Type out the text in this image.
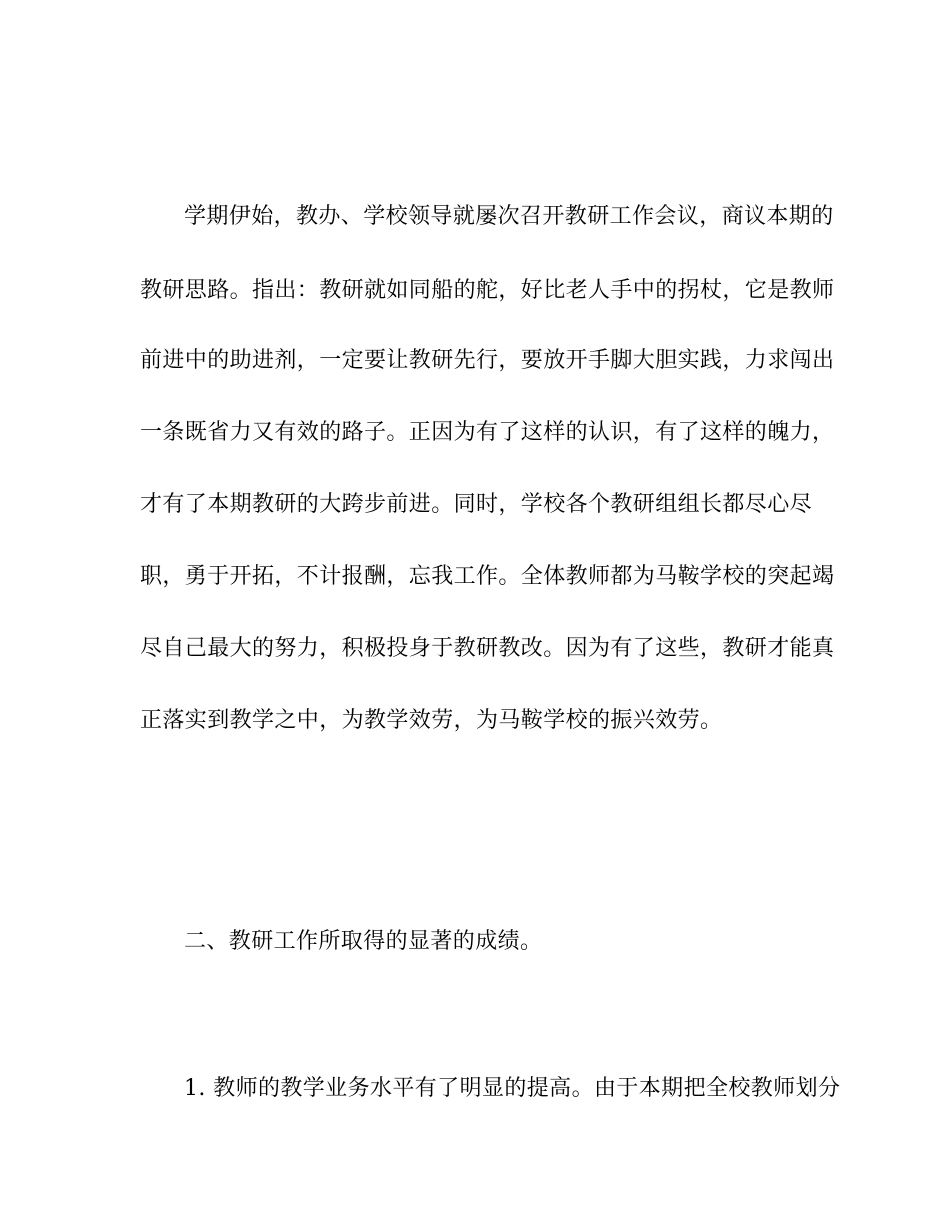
学期伊始，教办、学校领导就屡次召开教研工作会议，商议本期的
教研思路。指出：教研就如同船的舵，好比老人手中的拐杖，它是教师
前进中的助进剂，一定要让教研先行，要放开手脚大胆实践，力求闯出
一条既省力又有效的路子。正因为有了这样的认识，有了这样的魄力，
才有了本期教研的大跨步前进。同时，学校各个教研组组长都尽心尽
职，勇于开拓，不计报酬，忘我工作。全体教师都为马鞍学校的突起竭
尽自己最大的努力，积极投身于教研教改。因为有了这些，教研才能真
正落实到教学之中，为教学效劳，为马鞍学校的振兴效劳。
二、教研工作所取得的显著的成绩。
1. 教师的教学业务水平有了明显的提高。由于本期把全校教师划分
